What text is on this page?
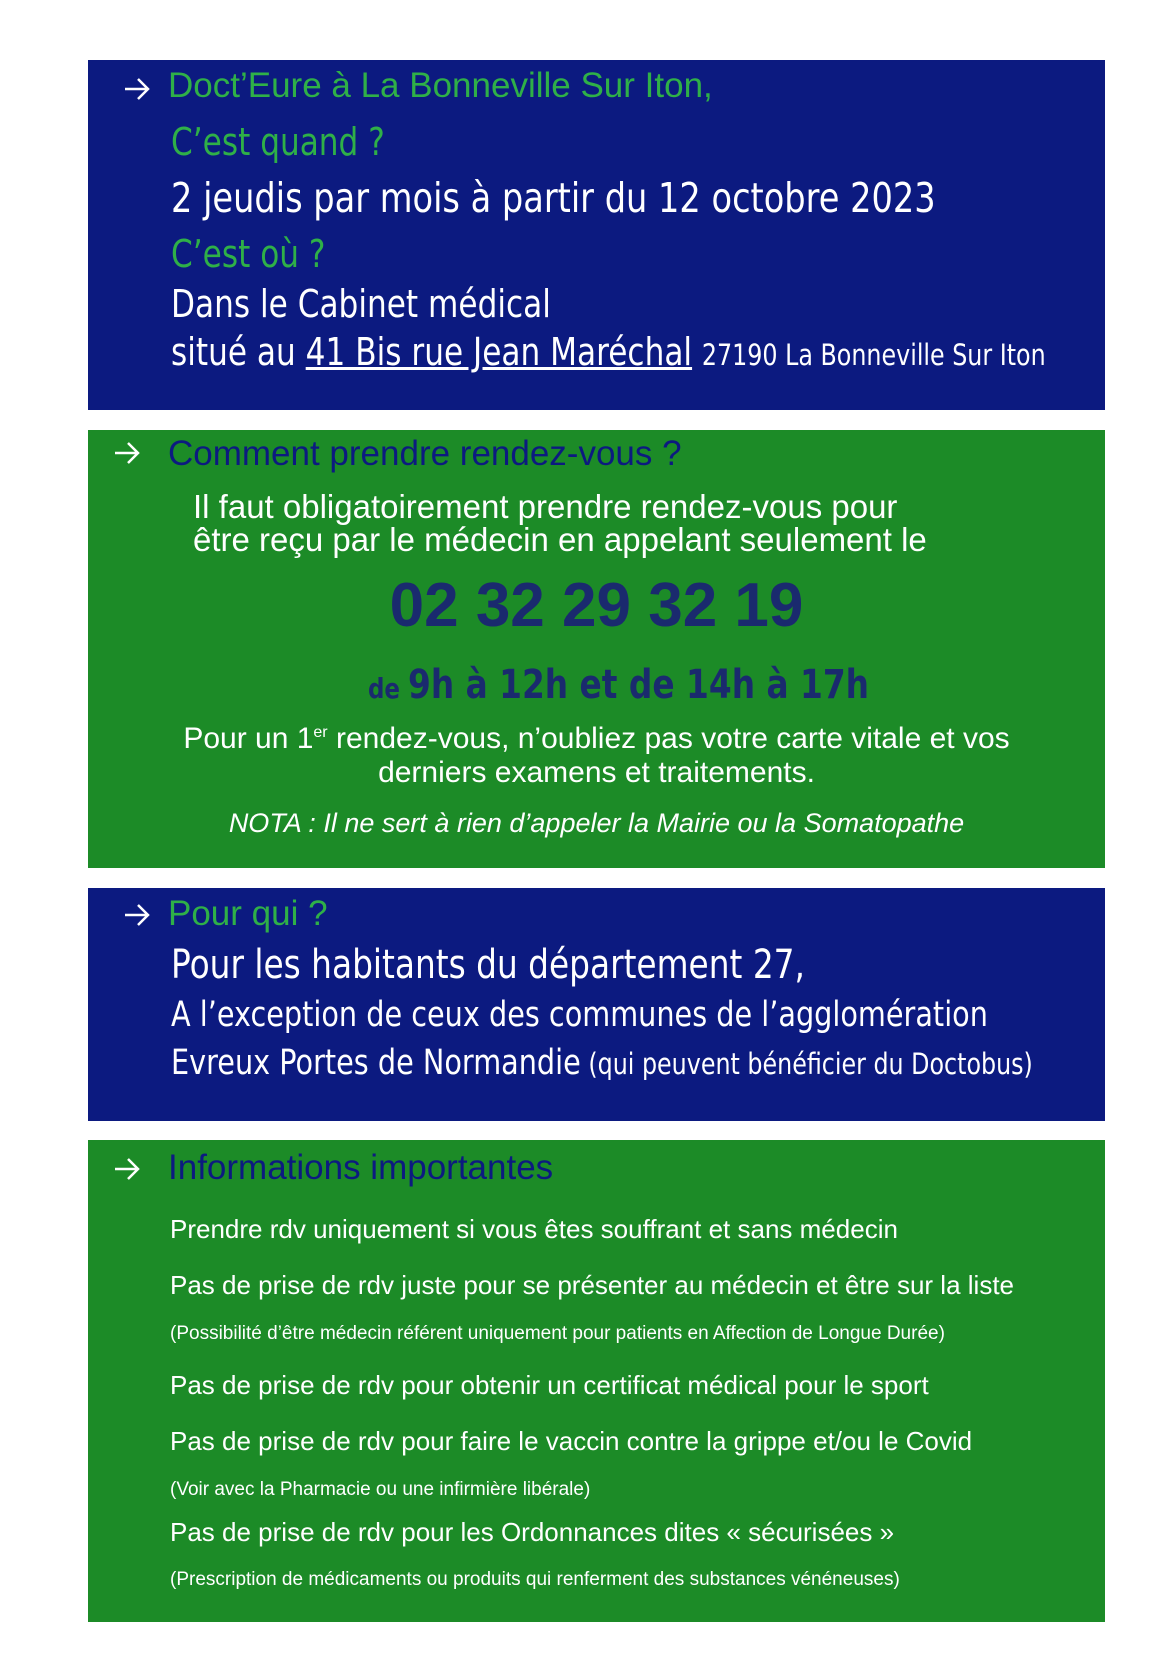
Doct’Eure à La Bonneville Sur Iton,
C’est quand ?
2 jeudis par mois à partir du 12 octobre 2023
C’est où ?
Dans le Cabinet médical
situé au 41 Bis rue Jean Maréchal 27190 La Bonneville Sur Iton
Comment prendre rendez-vous ?
Il faut obligatoirement prendre rendez-vous pour
être reçu par le médecin en appelant seulement le
02 32 29 32 19
de 9h à 12h et de 14h à 17h
Pour un 1er rendez-vous, n’oubliez pas votre carte vitale et vos
derniers examens et traitements.
NOTA : Il ne sert à rien d’appeler la Mairie ou la Somatopathe
Pour qui ?
Pour les habitants du département 27,
A l’exception de ceux des communes de l’agglomération
Evreux Portes de Normandie (qui peuvent bénéficier du Doctobus)
Informations importantes
Prendre rdv uniquement si vous êtes souffrant et sans médecin
Pas de prise de rdv juste pour se présenter au médecin et être sur la liste
(Possibilité d’être médecin référent uniquement pour patients en Affection de Longue Durée)
Pas de prise de rdv pour obtenir un certificat médical pour le sport
Pas de prise de rdv pour faire le vaccin contre la grippe et/ou le Covid
(Voir avec la Pharmacie ou une infirmière libérale)
Pas de prise de rdv pour les Ordonnances dites « sécurisées »
(Prescription de médicaments ou produits qui renferment des substances vénéneuses)
